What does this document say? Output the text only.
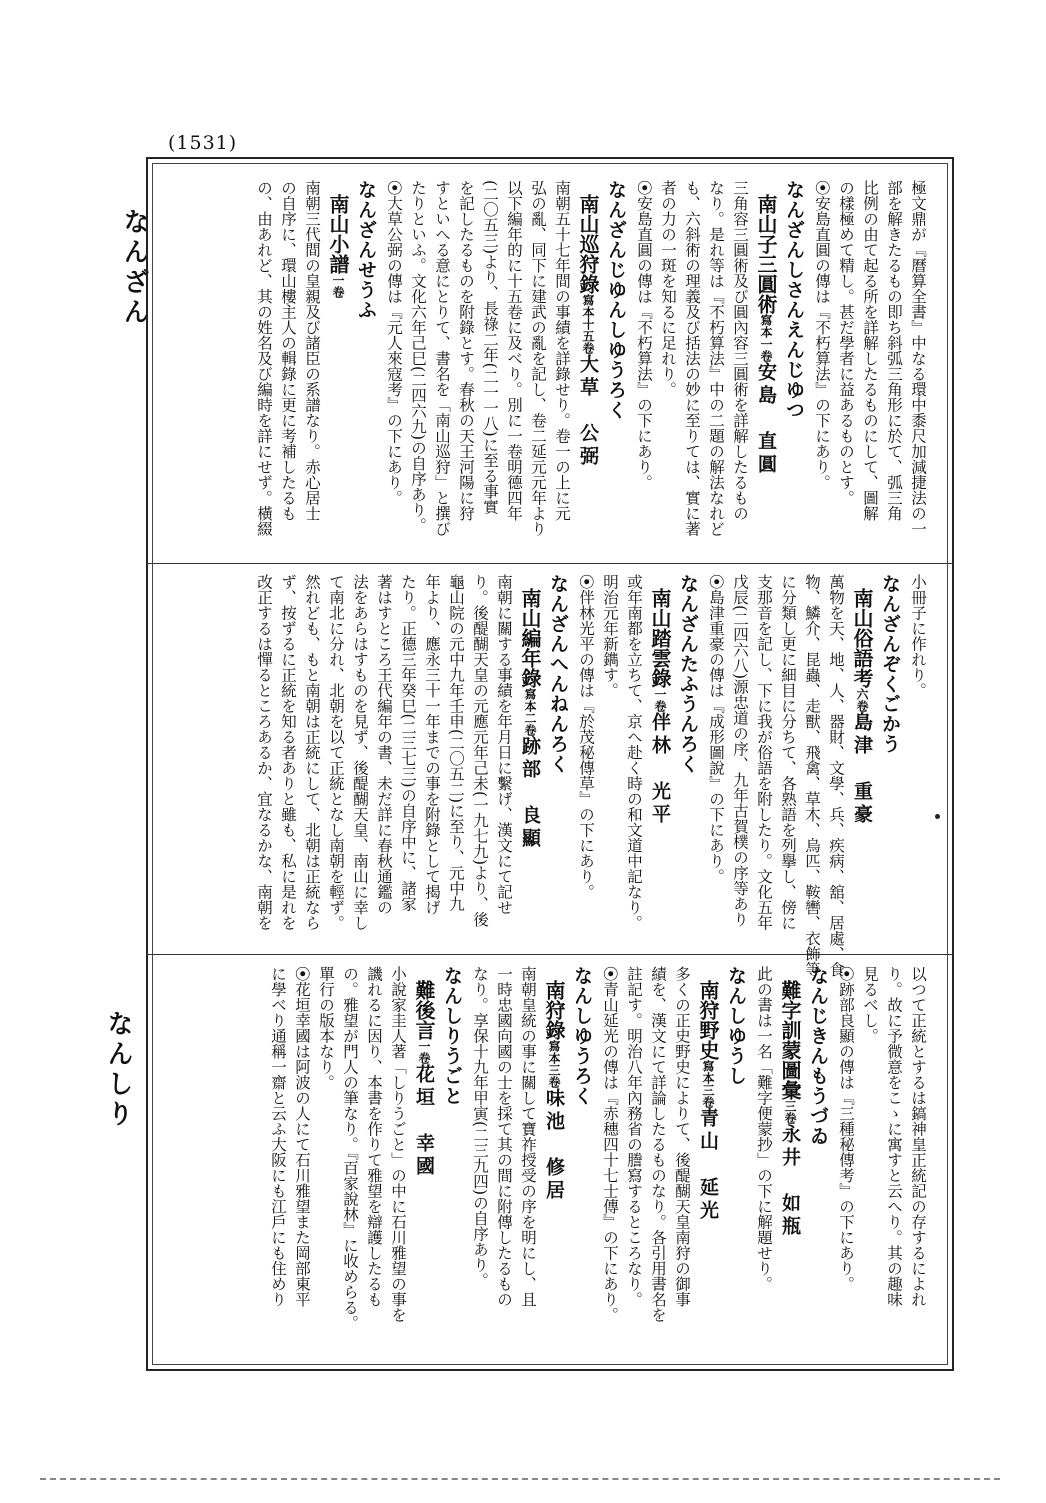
(1531)
なんざん
なんしり
極文鼎が『曆算全書』中なる環中黍尺加減捷法の一
部を解きたるもの即ち斜弧三角形に於て、弧三角
比例の由て起る所を詳解したるものにして、圖解
の樣極めて精し。甚だ學者に益あるものとす。
⦿安島直圓の傳は『不朽算法』の下にあり。
なんざんしさんえんじゆつ
南山子三圓術寫本一卷安島　直圓
三角容三圓術及び圓內容三圓術を詳解したるもの
なり。是れ等は『不朽算法』中の二題の解法なれど
も、六斜術の理義及び括法の妙に至りては、實に著
者の力の一斑を知るに足れり。
⦿安島直圓の傳は『不朽算法』の下にあり。
なんざんじゆんしゆうろく
南山巡狩錄寫本十五卷大草　公弼
南朝五十七年間の事績を詳錄せり。卷一の上に元
弘の亂、同下に建武の亂を記し、卷二延元元年より
以下編年的に十五卷に及べり。別に一卷明德四年
(二〇五三)より、長祿二年(二一一八)に至る事實
を記したるものを附錄とす。春秋の天王河陽に狩
すといへる意にとりて、書名を「南山巡狩」と撰び
たりといふ。文化六年己巳(二四六九)の自序あり。
⦿大草公弼の傳は『元人來寇考』の下にあり。
なんざんせうふ
南山小譜一卷
南朝三代間の皇親及び諸臣の系譜なり。赤心居士
の自序に、環山樓主人の輯錄に更に考補したるも
の、由あれど、其の姓名及び編時を詳にせず。橫綴
小冊子に作れり。
なんざんぞくごかう
南山俗語考六卷島津　重豪
萬物を天、地、人、器財、文學、兵、疾病、舘、居處、食
物、鱗介、昆蟲、走獸、飛禽、草木、烏匹、鞍轡、衣飾等
に分類し更に細目に分ちて、各熟語を列擧し、傍に
支那音を記し、下に我が俗語を附したり。文化五年
戊辰(二四六八)源忠道の序、九年古賀樸の序等あり
⦿島津重豪の傳は『成形圖說』の下にあり。
なんざんたふうんろく
南山踏雲錄一卷伴林　光平
或年南都を立ちて、京へ赴く時の和文道中記なり。
明治元年新鐫す。
⦿伴林光平の傳は『於茂秘傳草』の下にあり。
なんざんへんねんろく
南山編年錄寫本二卷跡部　良顯
南朝に關する事績を年月日に繫げ、漢文にて記せ
り。後醍醐天皇の元應元年己未(一九七九)より、後
龜山院の元中九年壬申(二〇五二)に至り、元中九
年より、應永三十一年までの事を附錄として揭げ
たり。正德三年癸巳(二三七三)の自序中に、諸家
著はすところ王代編年の書、未だ詳に春秋通鑑の
法をあらはすものを見ず、後醍醐天皇、南山に幸し
て南北に分れ、北朝を以て正統となし南朝を輕ず。
然れども、もと南朝は正統にして、北朝は正統なら
ず、按ずるに正統を知る者ありと雖も、私に是れを
改正するは憚るところあるか、宜なるかな、南朝を
以つて正統とするは鎬神皇正統記の存するによれ
り。故に予微意をこゝに寓すと云へり。其の趣味
見るべし。
⦿跡部良顯の傳は『三種秘傳考』の下にあり。
なんじきんもうづゐ
難字訓蒙圖彙三卷永井　如瓶
此の書は一名「難字便蒙抄」の下に解題せり。
なんしゆうし
南狩野史寫本三卷青山　延光
多くの正史野史によりて、後醍醐天皇南狩の御事
績を、漢文にて詳論したるものなり。各引用書名を
註記す。明治八年內務省の謄寫するところなり。
⦿青山延光の傳は『赤穗四十七士傳』の下にあり。
なんしゆうろく
南狩錄寫本三卷味池　修居
南朝皇統の事に關して寶祚授受の序を明にし、且
一時忠國向國の士を採て其の間に附傳したるもの
なり。享保十九年甲寅(二三九四)の自序あり。
なんしりうごと
難後言一卷花垣　幸國
小說家圭人著「しりうごと」の中に石川雅望の事を
譏れるに因り、本書を作りて雅望を辯護したるも
の。雅望が門人の筆なり。『百家說林』に收めらる。
單行の版本なり。
⦿花垣幸國は阿波の人にて石川雅望また岡部東平
に學べり通稱一齋と云ふ大阪にも江戶にも住めり
